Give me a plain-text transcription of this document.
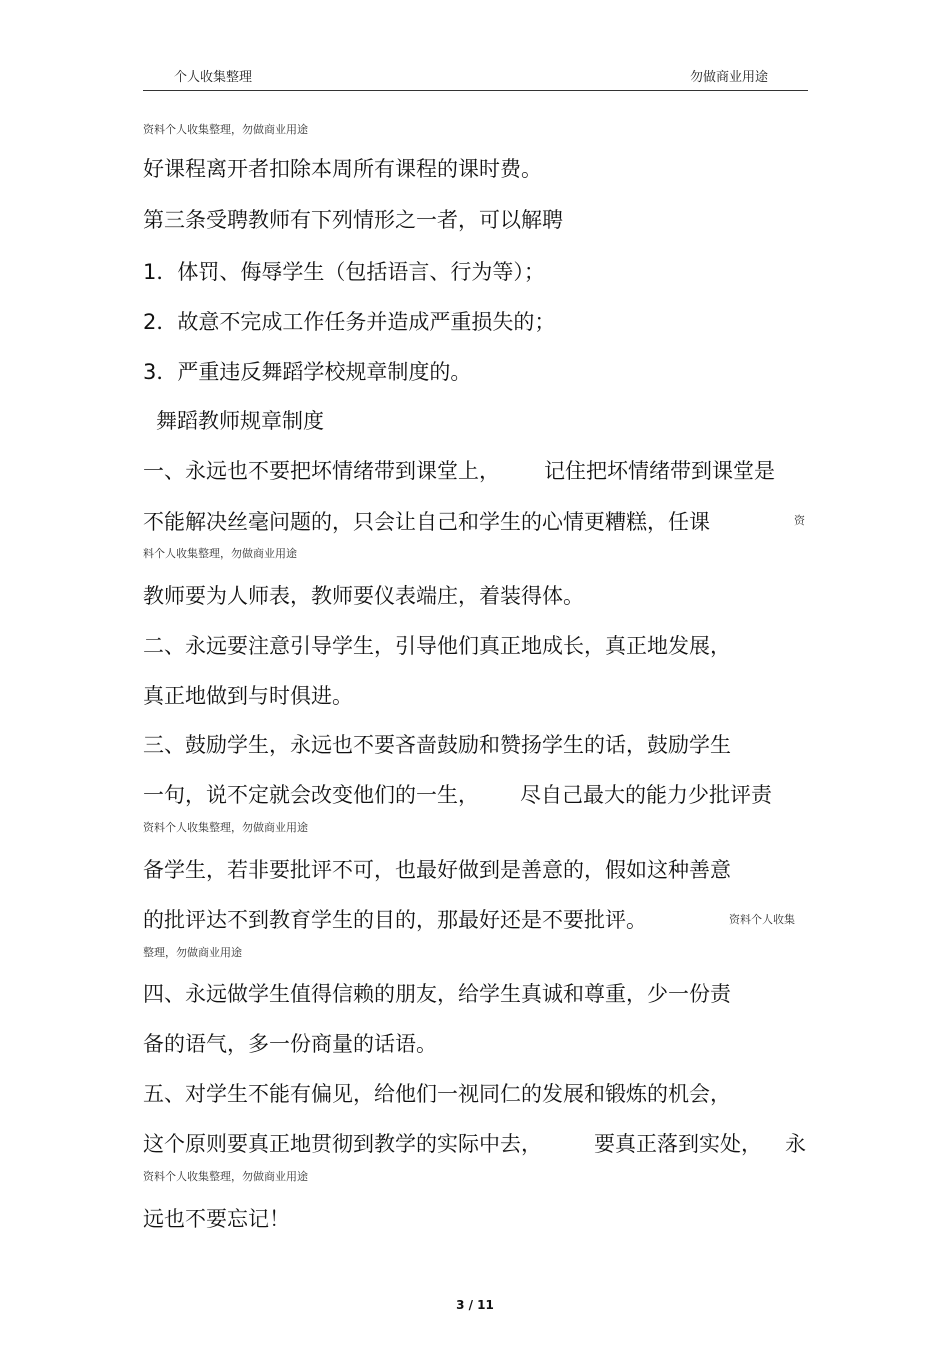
个人收集整理	勿做商业用途
资料个人收集整理，勿做商业用途
好课程离开者扣除本周所有课程的课时费。
第三条受聘教师有下列情形之一者，可以解聘
1．体罚、侮辱学生（包括语言、行为等）；
2．故意不完成工作任务并造成严重损失的；
3．严重违反舞蹈学校规章制度的。
舞蹈教师规章制度
一、永远也不要把坏情绪带到课堂上， 记住把坏情绪带到课堂是
不能解决丝毫问题的，只会让自己和学生的心情更糟糕，任课	资
料个人收集整理，勿做商业用途
教师要为人师表，教师要仪表端庄，着装得体。
二、永远要注意引导学生，引导他们真正地成长，真正地发展，
真正地做到与时俱进。
三、鼓励学生，永远也不要吝啬鼓励和赞扬学生的话，鼓励学生
一句，说不定就会改变他们的一生， 尽自己最大的能力少批评责
资料个人收集整理，勿做商业用途
备学生，若非要批评不可，也最好做到是善意的，假如这种善意
的批评达不到教育学生的目的，那最好还是不要批评。	资料个人收集
整理，勿做商业用途
四、永远做学生值得信赖的朋友，给学生真诚和尊重，少一份责
备的语气，多一份商量的话语。
五、对学生不能有偏见，给他们一视同仁的发展和锻炼的机会，
这个原则要真正地贯彻到教学的实际中去， 要真正落到实处， 永
资料个人收集整理，勿做商业用途
远也不要忘记！
3 / 11
